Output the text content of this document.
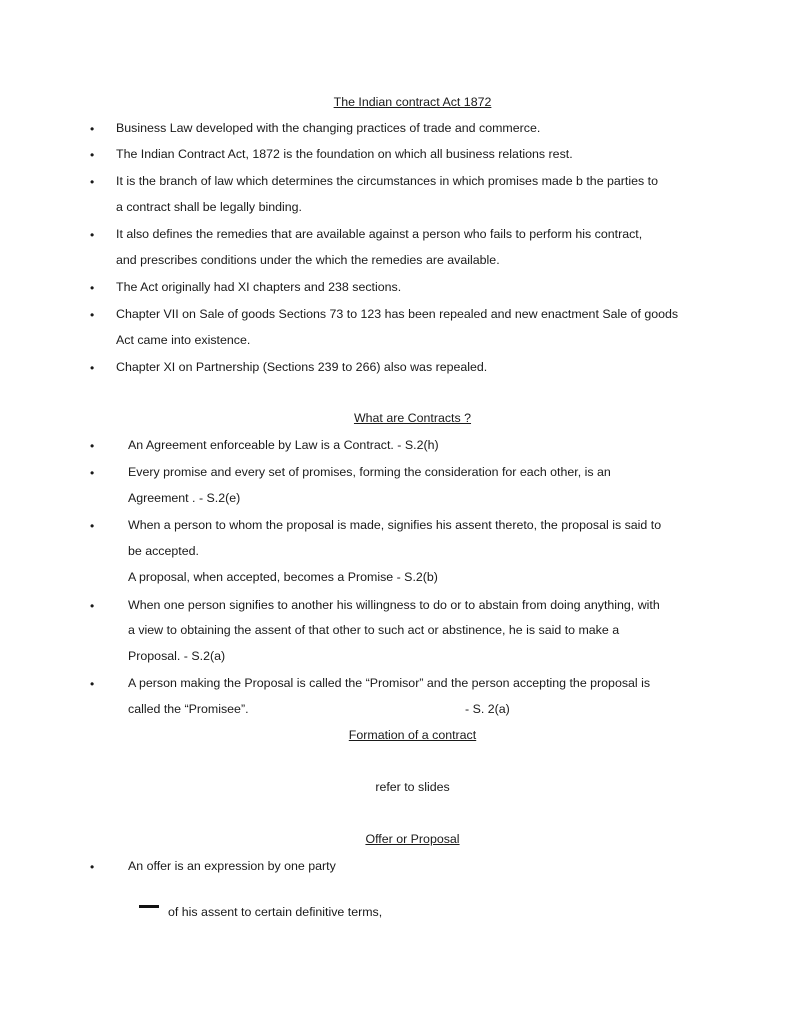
The Indian contract Act 1872
•	Business Law developed with the changing practices of trade and commerce.
•	The Indian Contract Act, 1872 is the foundation on which all business relations rest.
•	It is the branch of law which determines the circumstances in which promises made b the parties to
a contract shall be legally binding.
•	It also defines the remedies that are available against a person who fails to perform his contract,
and prescribes conditions under the which the remedies are available.
•	The Act originally had XI chapters and 238 sections.
•	Chapter VII on Sale of goods Sections 73 to 123 has been repealed and new enactment Sale of goods
Act came into existence.
•	Chapter XI on Partnership (Sections 239 to 266) also was repealed.
What are Contracts ?
•	An Agreement enforceable by Law is a Contract. - S.2(h)
•	Every promise and every set of promises, forming the consideration for each other, is an
Agreement . - S.2(e)
•	When a person to whom the proposal is made, signifies his assent thereto, the proposal is said to
be accepted.
A proposal, when accepted, becomes a Promise - S.2(b)
•	When one person signifies to another his willingness to do or to abstain from doing anything, with
a view to obtaining the assent of that other to such act or abstinence, he is said to make a
Proposal. - S.2(a)
•	A person making the Proposal is called the “Promisor” and the person accepting the proposal is
called the “Promisee”.	- S. 2(a)
Formation of a contract
refer to slides
Offer or Proposal
•	An offer is an expression by one party
of his assent to certain definitive terms,
